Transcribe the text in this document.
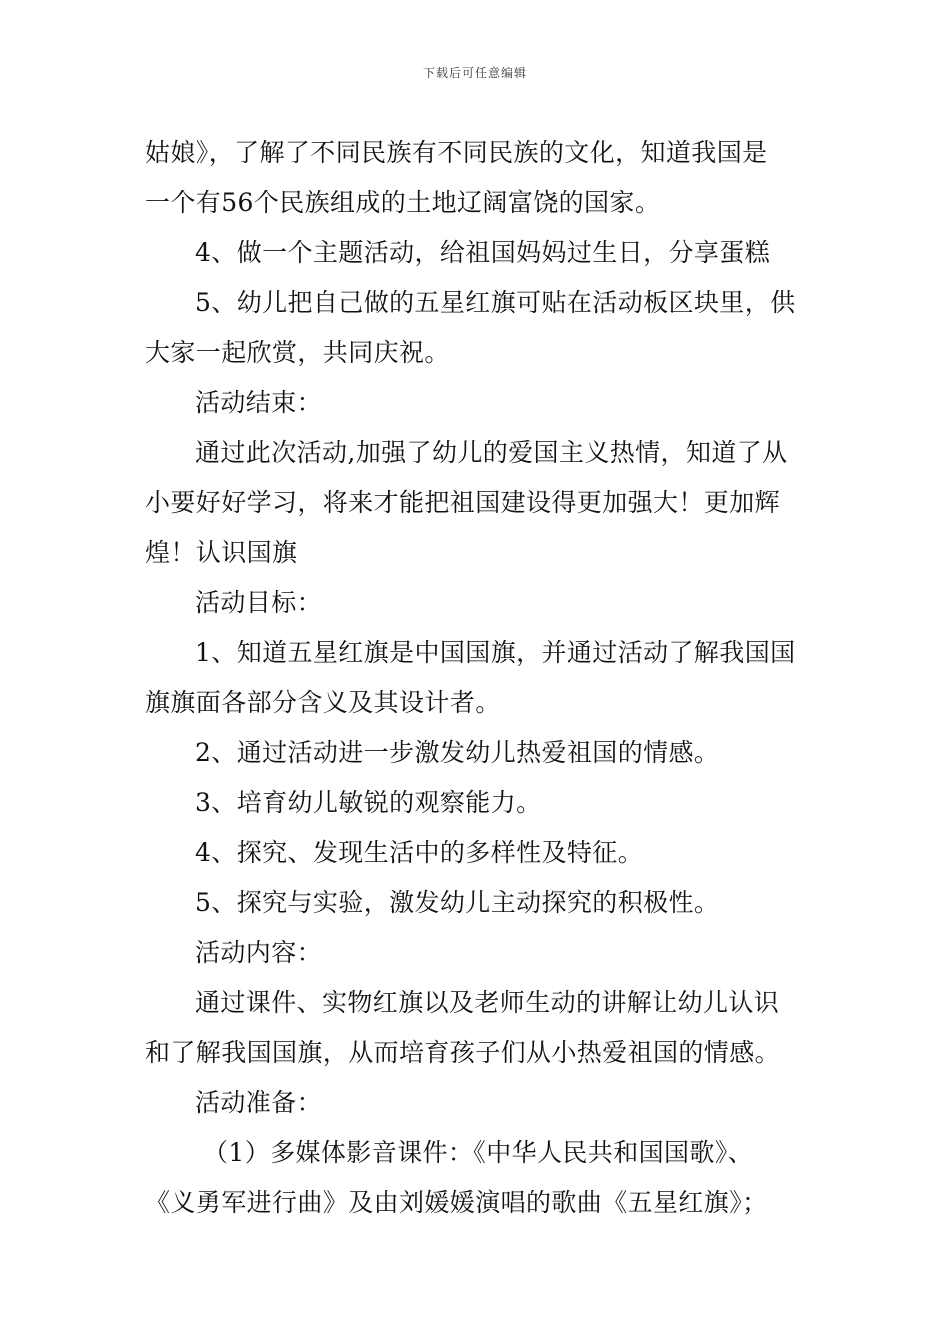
下载后可任意编辑
姑娘》，了解了不同民族有不同民族的文化，知道我国是
一个有56个民族组成的土地辽阔富饶的国家。
4、做一个主题活动，给祖国妈妈过生日，分享蛋糕
5、幼儿把自己做的五星红旗可贴在活动板区块里，供
大家一起欣赏，共同庆祝。
活动结束：
通过此次活动,加强了幼儿的爱国主义热情，知道了从
小要好好学习，将来才能把祖国建设得更加强大！更加辉
煌！认识国旗
活动目标：
1、知道五星红旗是中国国旗，并通过活动了解我国国
旗旗面各部分含义及其设计者。
2、通过活动进一步激发幼儿热爱祖国的情感。
3、培育幼儿敏锐的观察能力。
4、探究、发现生活中的多样性及特征。
5、探究与实验，激发幼儿主动探究的积极性。
活动内容：
通过课件、实物红旗以及老师生动的讲解让幼儿认识
和了解我国国旗，从而培育孩子们从小热爱祖国的情感。
活动准备：
（1）多媒体影音课件：《中华人民共和国国歌》、
《义勇军进行曲》及由刘媛媛演唱的歌曲《五星红旗》；
